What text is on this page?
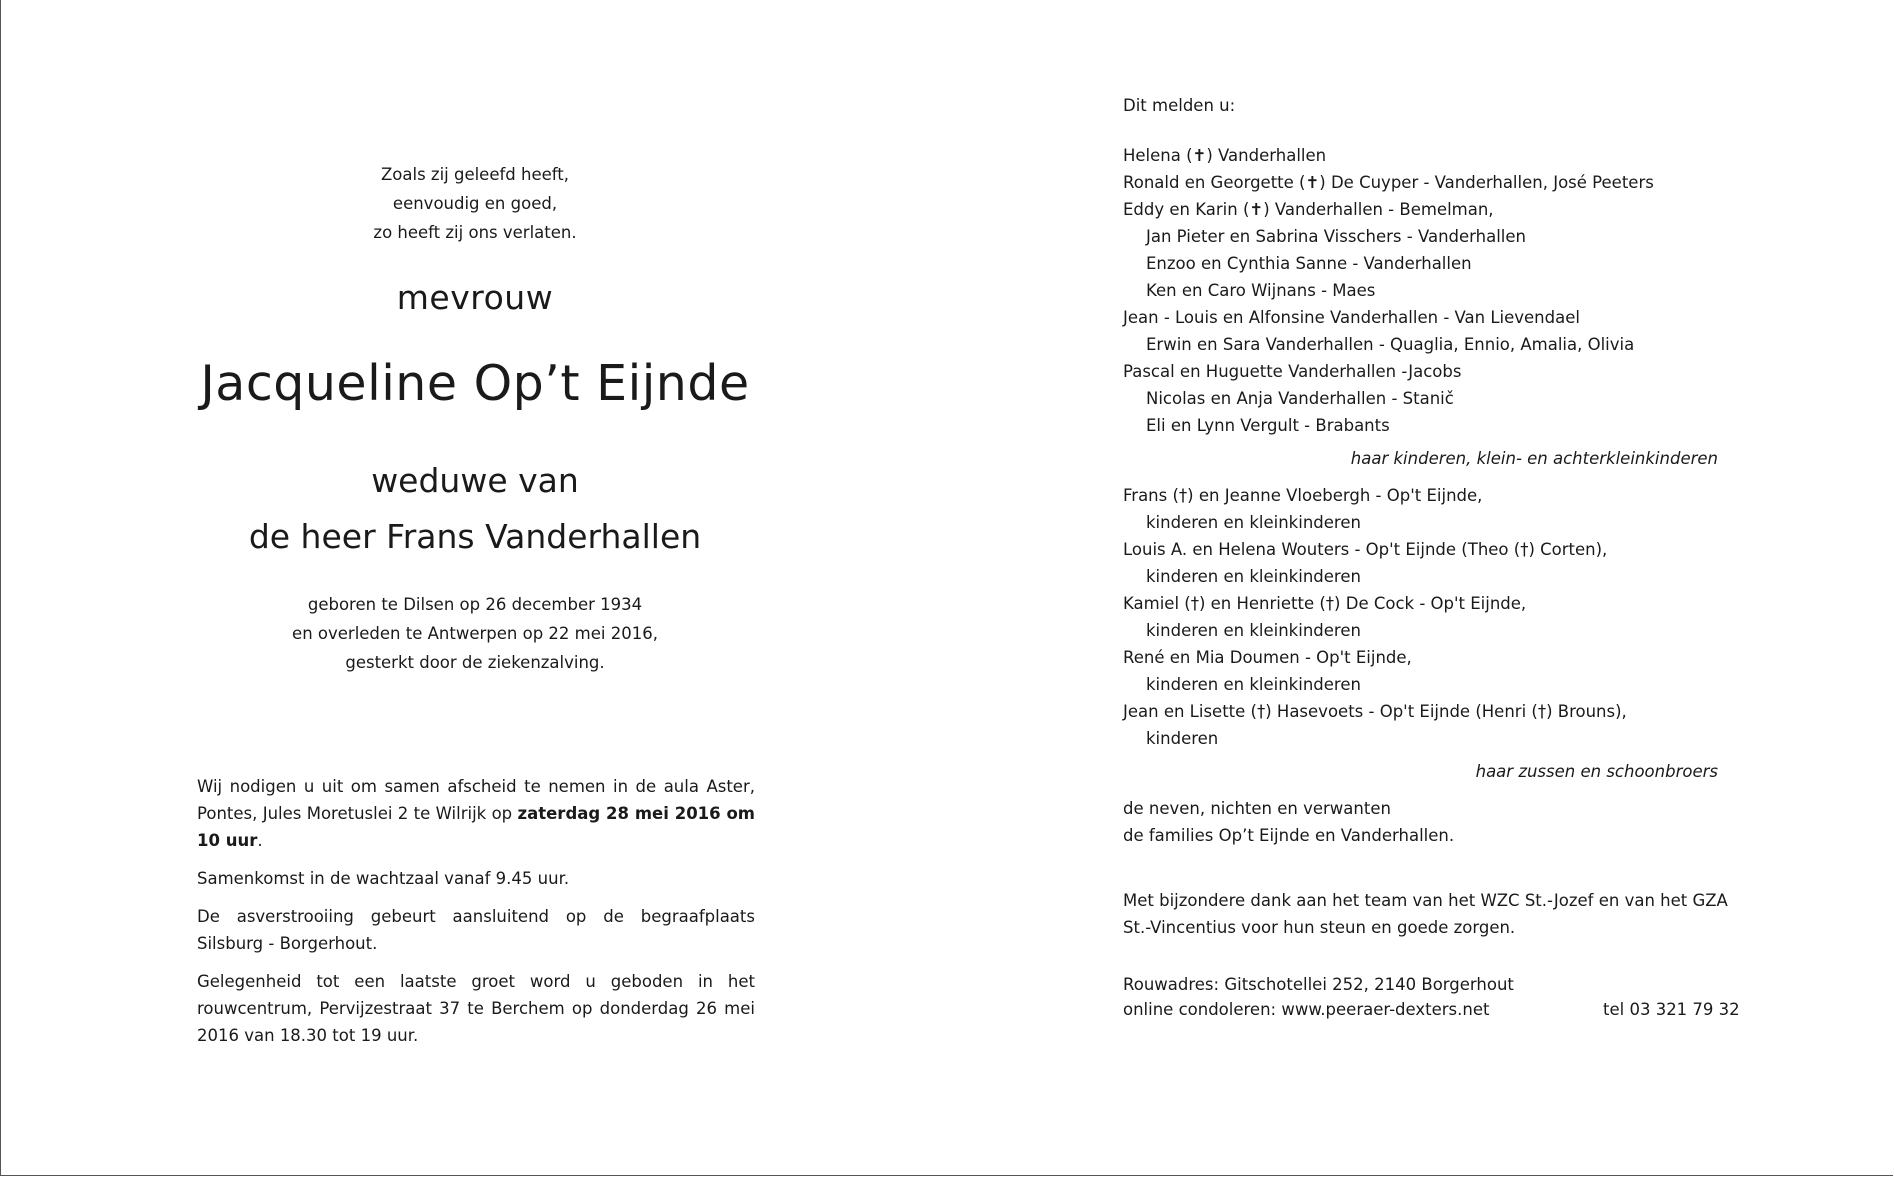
Zoals zij geleefd heeft,
eenvoudig en goed,
zo heeft zij ons verlaten.
mevrouw
Jacqueline Op’t Eijnde
weduwe van
de heer Frans Vanderhallen
geboren te Dilsen op 26 december 1934
en overleden te Antwerpen op 22 mei 2016,
gesterkt door de ziekenzalving.

Wij nodigen u uit om samen afscheid te nemen in de aula Aster, Pontes, Jules Moretuslei 2 te Wilrijk op zaterdag 28 mei 2016 om 10 uur.

Samenkomst in de wachtzaal vanaf 9.45 uur.

De asverstrooiing gebeurt aansluitend op de begraafplaats Silsburg - Borgerhout.

Gelegenheid tot een laatste groet word u geboden in het rouwcentrum, Pervijzestraat 37 te Berchem op donderdag 26 mei 2016 van 18.30 tot 19 uur.

Dit melden u:
Helena (✝) Vanderhallen
Ronald en Georgette (✝) De Cuyper - Vanderhallen, José Peeters
Eddy en Karin (✝) Vanderhallen - Bemelman,
Jan Pieter en Sabrina Visschers - Vanderhallen
Enzoo en Cynthia Sanne - Vanderhallen
Ken en Caro Wijnans - Maes
Jean - Louis en Alfonsine Vanderhallen - Van Lievendael
Erwin en Sara Vanderhallen - Quaglia, Ennio, Amalia, Olivia
Pascal en Huguette Vanderhallen -Jacobs
Nicolas en Anja Vanderhallen - Stanič
Eli en Lynn Vergult - Brabants
haar kinderen, klein- en achterkleinkinderen
Frans (†) en Jeanne Vloebergh - Op't Eijnde,
kinderen en kleinkinderen
Louis A. en Helena Wouters - Op't Eijnde (Theo (†) Corten),
kinderen en kleinkinderen
Kamiel (†) en Henriette (†) De Cock - Op't Eijnde,
kinderen en kleinkinderen
René en Mia Doumen - Op't Eijnde,
kinderen en kleinkinderen
Jean en Lisette (†) Hasevoets - Op't Eijnde (Henri (†) Brouns),
kinderen
haar zussen en schoonbroers
de neven, nichten en verwanten
de families Op’t Eijnde en Vanderhallen.
Met bijzondere dank aan het team van het WZC St.-Jozef en van het GZA
St.-Vincentius voor hun steun en goede zorgen.
Rouwadres: Gitschotellei 252, 2140 Borgerhout
online condoleren: www.peeraer-dexters.net	tel 03 321 79 32
